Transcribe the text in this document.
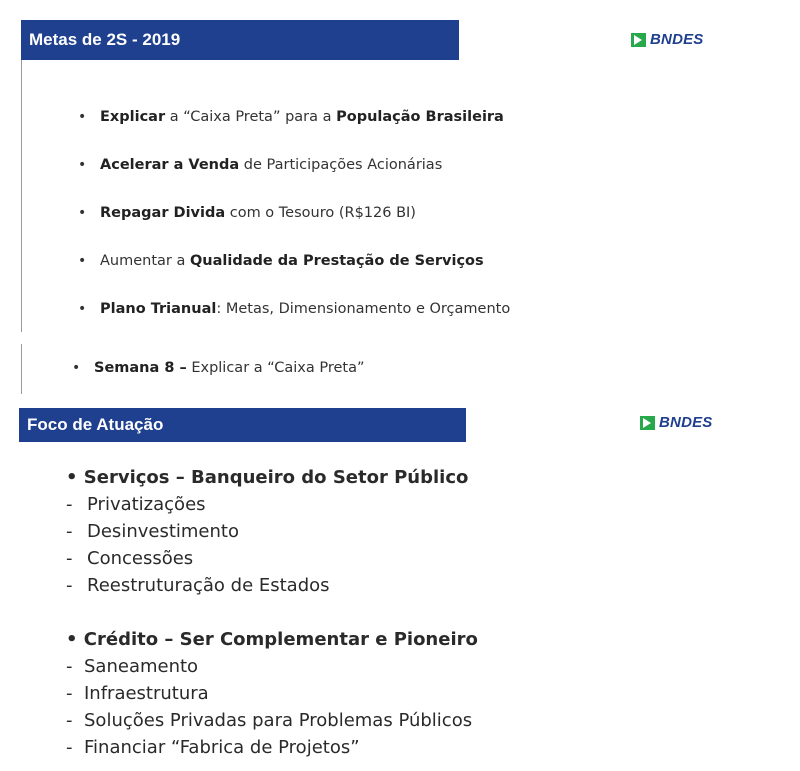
Metas de 2S - 2019	BNDES
• Explicar a “Caixa Preta” para a População Brasileira
• Acelerar a Venda de Participações Acionárias
• Repagar Divida com o Tesouro (R$126 BI)
• Aumentar a Qualidade da Prestação de Serviços
• Plano Trianual: Metas, Dimensionamento e Orçamento
• Semana 8 – Explicar a “Caixa Preta”
Foco de Atuação	BNDES
• Serviços – Banqueiro do Setor Público
- Privatizações
- Desinvestimento
- Concessões
- Reestruturação de Estados
• Crédito – Ser Complementar e Pioneiro
- Saneamento
- Infraestrutura
- Soluções Privadas para Problemas Públicos
- Financiar “Fabrica de Projetos”
